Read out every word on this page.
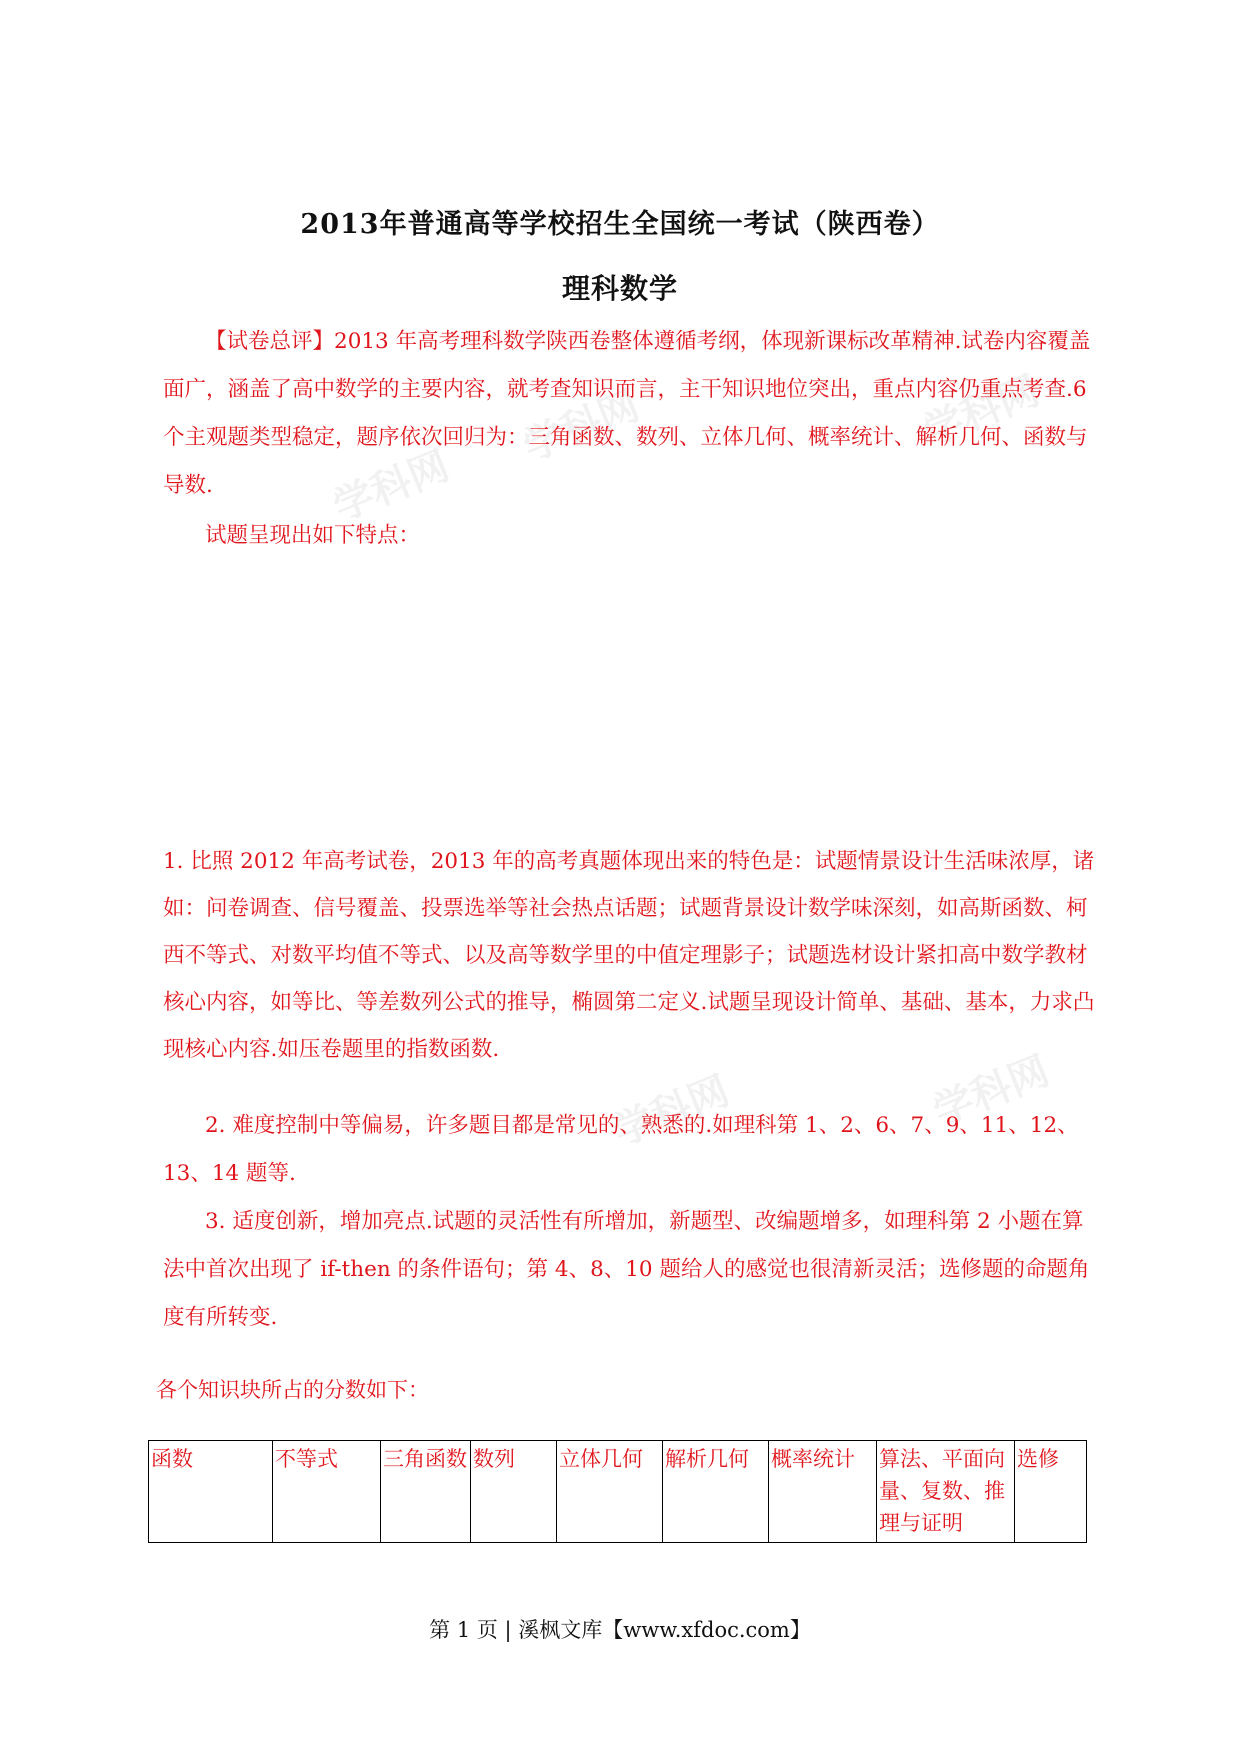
学科网	学科网
学科网
学科网	学科网
2013年普通高等学校招生全国统一考试（陕西卷）
理科数学
【试卷总评】2013 年高考理科数学陕西卷整体遵循考纲，体现新课标改革精神.试卷内容覆盖面广，涵盖了高中数学的主要内容，就考查知识而言，主干知识地位突出，重点内容仍重点考查.6 个主观题类型稳定，题序依次回归为：三角函数、数列、立体几何、概率统计、解析几何、函数与导数.
试题呈现出如下特点：
1. 比照 2012 年高考试卷，2013 年的高考真题体现出来的特色是：试题情景设计生活味浓厚，诸如：问卷调查、信号覆盖、投票选举等社会热点话题；试题背景设计数学味深刻，如高斯函数、柯西不等式、对数平均值不等式、以及高等数学里的中值定理影子；试题选材设计紧扣高中数学教材核心内容，如等比、等差数列公式的推导，椭圆第二定义.试题呈现设计简单、基础、基本，力求凸现核心内容.如压卷题里的指数函数.
2. 难度控制中等偏易，许多题目都是常见的、熟悉的.如理科第 1、2、6、7、9、11、12、13、14 题等.
3. 适度创新，增加亮点.试题的灵活性有所增加，新题型、改编题增多，如理科第 2 小题在算法中首次出现了 if-then 的条件语句；第 4、8、10 题给人的感觉也很清新灵活；选修题的命题角度有所转变.
各个知识块所占的分数如下：
函数	不等式	三角函数	数列	立体几何	解析几何	概率统计	算法、平面向量、复数、推理与证明	选修
第 1 页 | 溪枫文库【www.xfdoc.com】
